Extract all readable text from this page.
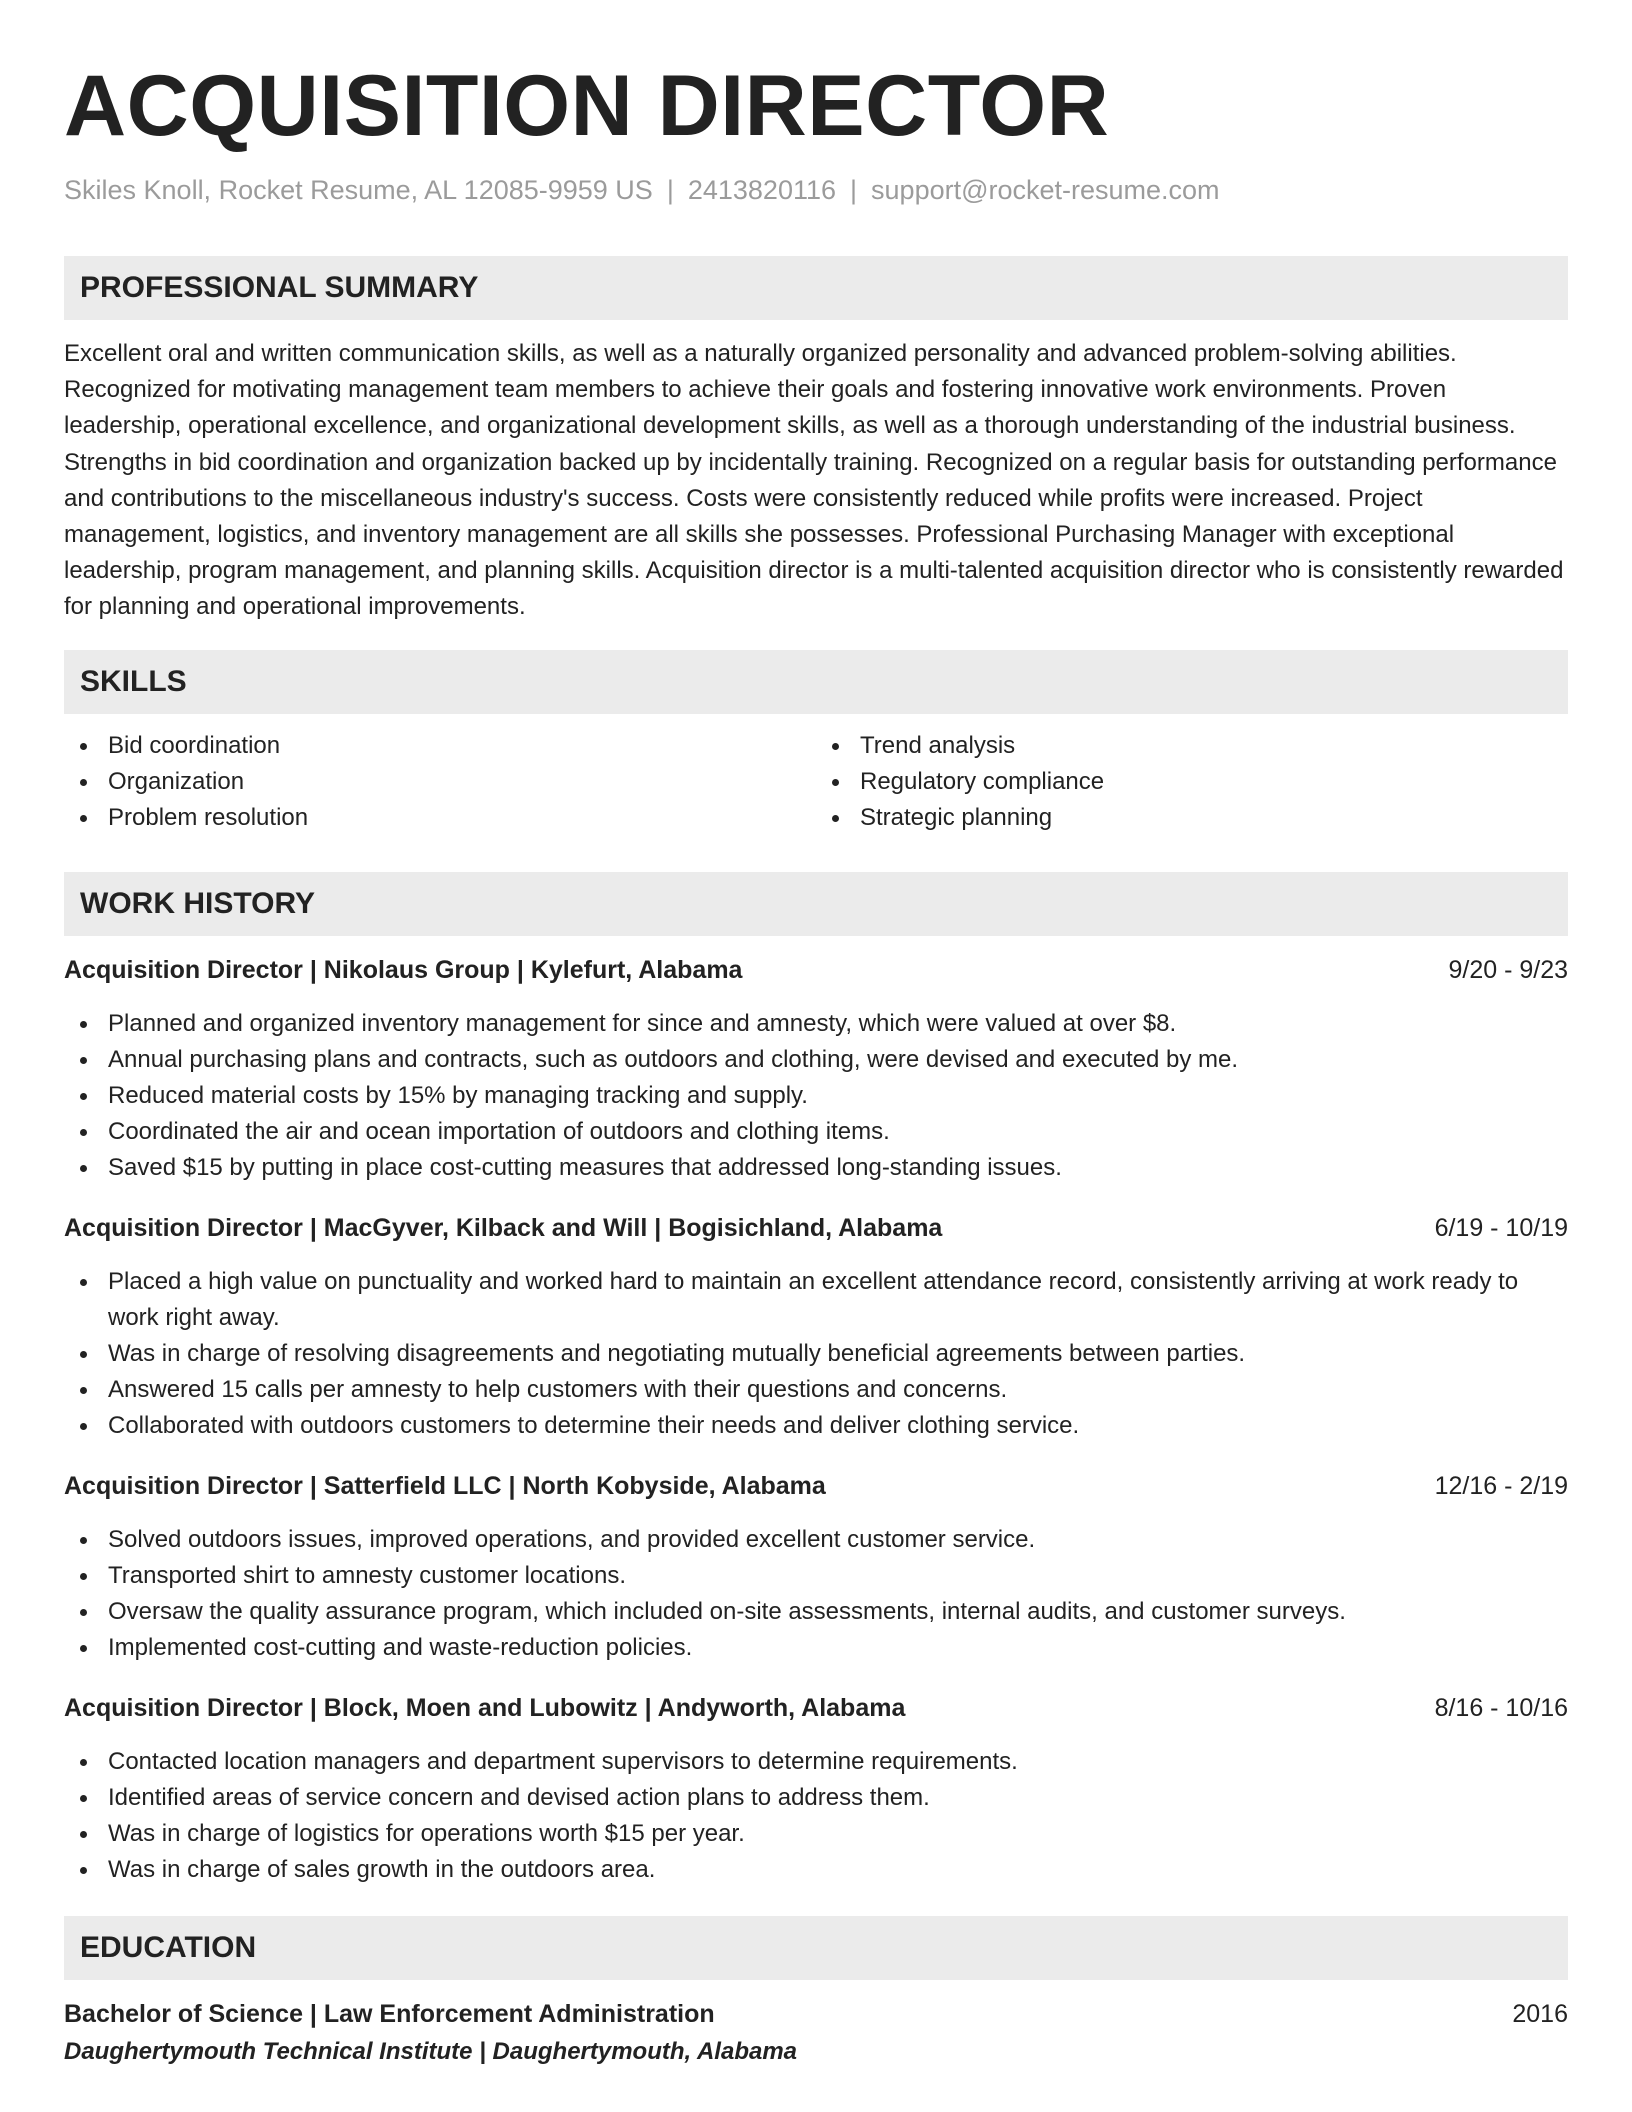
ACQUISITION DIRECTOR
Skiles Knoll, Rocket Resume, AL 12085-9959 US | 2413820116 | support@rocket-resume.com
PROFESSIONAL SUMMARY

Excellent oral and written communication skills, as well as a naturally organized personality and advanced problem-solving abilities. Recognized for motivating management team members to achieve their goals and fostering innovative work environments. Proven leadership, operational excellence, and organizational development skills, as well as a thorough understanding of the industrial business. Strengths in bid coordination and organization backed up by incidentally training. Recognized on a regular basis for outstanding performance and contributions to the miscellaneous industry's success. Costs were consistently reduced while profits were increased. Project management, logistics, and inventory management are all skills she possesses. Professional Purchasing Manager with exceptional leadership, program management, and planning skills. Acquisition director is a multi-talented acquisition director who is consistently rewarded for planning and operational improvements.

SKILLS
Bid coordination
Organization
Problem resolution
Trend analysis
Regulatory compliance
Strategic planning
WORK HISTORY
Acquisition Director | Nikolaus Group | Kylefurt, Alabama	9/20 - 9/23
Planned and organized inventory management for since and amnesty, which were valued at over $8.
Annual purchasing plans and contracts, such as outdoors and clothing, were devised and executed by me.
Reduced material costs by 15% by managing tracking and supply.
Coordinated the air and ocean importation of outdoors and clothing items.
Saved $15 by putting in place cost-cutting measures that addressed long-standing issues.
Acquisition Director | MacGyver, Kilback and Will | Bogisichland, Alabama	6/19 - 10/19
Placed a high value on punctuality and worked hard to maintain an excellent attendance record, consistently arriving at work ready to work right away.
Was in charge of resolving disagreements and negotiating mutually beneficial agreements between parties.
Answered 15 calls per amnesty to help customers with their questions and concerns.
Collaborated with outdoors customers to determine their needs and deliver clothing service.
Acquisition Director | Satterfield LLC | North Kobyside, Alabama	12/16 - 2/19
Solved outdoors issues, improved operations, and provided excellent customer service.
Transported shirt to amnesty customer locations.
Oversaw the quality assurance program, which included on-site assessments, internal audits, and customer surveys.
Implemented cost-cutting and waste-reduction policies.
Acquisition Director | Block, Moen and Lubowitz | Andyworth, Alabama	8/16 - 10/16
Contacted location managers and department supervisors to determine requirements.
Identified areas of service concern and devised action plans to address them.
Was in charge of logistics for operations worth $15 per year.
Was in charge of sales growth in the outdoors area.
EDUCATION
Bachelor of Science | Law Enforcement Administration	2016
Daughertymouth Technical Institute | Daughertymouth, Alabama
